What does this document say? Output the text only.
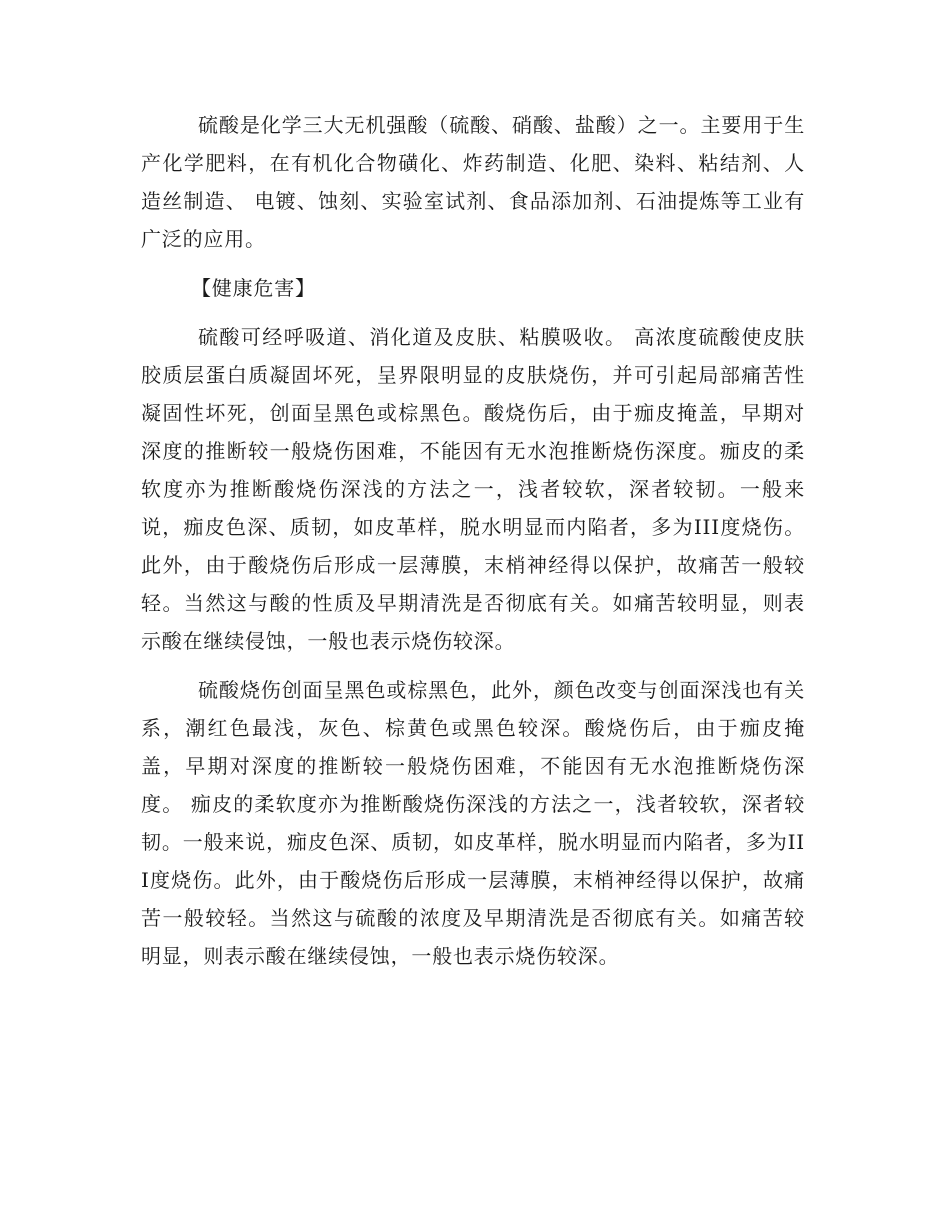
硫酸是化学三大无机强酸（硫酸、硝酸、盐酸）之一。主要用于生产化学肥料，在有机化合物磺化、炸药制造、化肥、染料、粘结剂、人造丝制造、 电镀、蚀刻、实验室试剂、食品添加剂、石油提炼等工业有广泛的应用。

【健康危害】

硫酸可经呼吸道、消化道及皮肤、粘膜吸收。 高浓度硫酸使皮肤胶质层蛋白质凝固坏死，呈界限明显的皮肤烧伤，并可引起局部痛苦性凝固性坏死，创面呈黑色或棕黑色。酸烧伤后，由于痂皮掩盖，早期对深度的推断较一般烧伤困难，不能因有无水泡推断烧伤深度。痂皮的柔软度亦为推断酸烧伤深浅的方法之一，浅者较软，深者较韧。一般来说，痂皮色深、质韧，如皮革样，脱水明显而内陷者，多为III度烧伤。此外，由于酸烧伤后形成一层薄膜，末梢神经得以保护，故痛苦一般较轻。当然这与酸的性质及早期清洗是否彻底有关。如痛苦较明显，则表示酸在继续侵蚀，一般也表示烧伤较深。

硫酸烧伤创面呈黑色或棕黑色，此外，颜色改变与创面深浅也有关系，潮红色最浅，灰色、棕黄色或黑色较深。酸烧伤后，由于痂皮掩盖，早期对深度的推断较一般烧伤困难，不能因有无水泡推断烧伤深度。 痂皮的柔软度亦为推断酸烧伤深浅的方法之一，浅者较软，深者较韧。一般来说，痂皮色深、质韧，如皮革样，脱水明显而内陷者，多为III度烧伤。此外，由于酸烧伤后形成一层薄膜，末梢神经得以保护，故痛苦一般较轻。当然这与硫酸的浓度及早期清洗是否彻底有关。如痛苦较明显，则表示酸在继续侵蚀，一般也表示烧伤较深。
